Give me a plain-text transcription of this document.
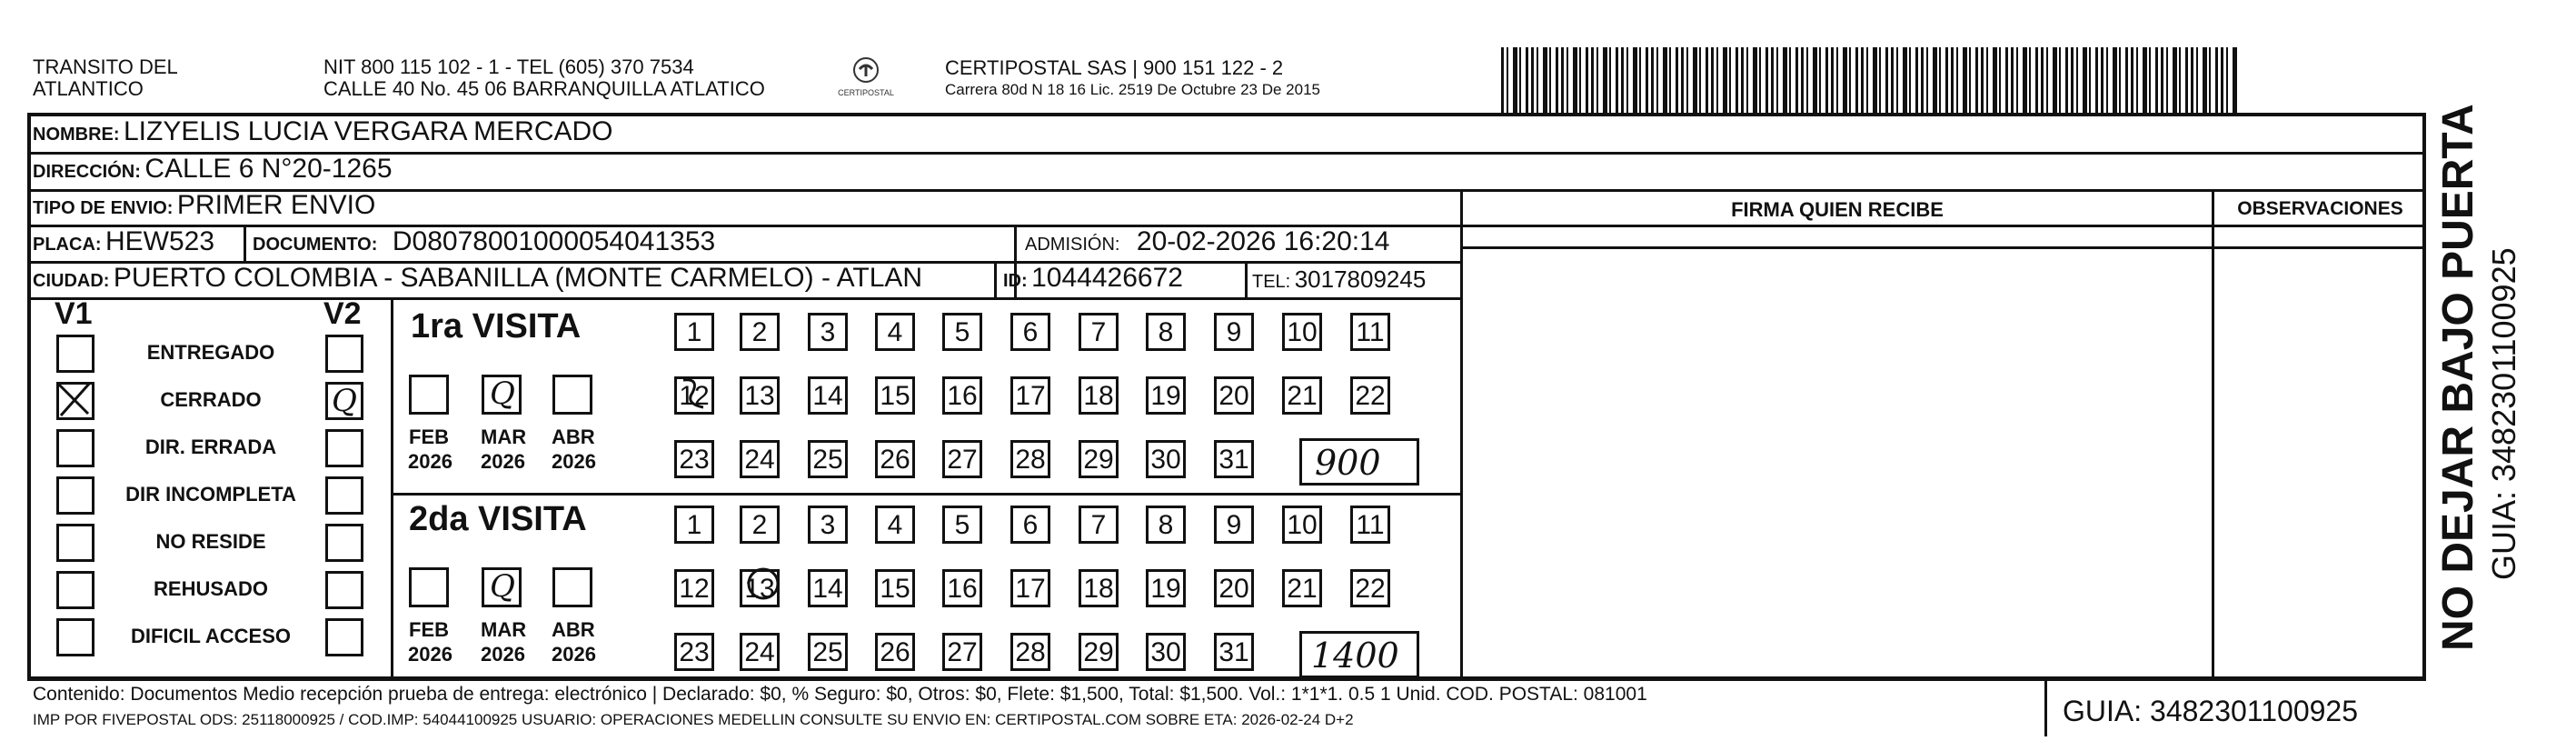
TRANSITO DEL
ATLANTICO
NIT 800 115 102 - 1 - TEL (605) 370 7534
CALLE 40 No. 45 06 BARRANQUILLA ATLATICO	CERTIPOSTAL
CERTIPOSTAL SAS | 900 151 122 - 2
Carrera 80d N 18 16 Lic. 2519 De Octubre 23 De 2015
NOMBRE: LIZYELIS LUCIA VERGARA MERCADO
DIRECCIÓN: CALLE 6 N°20-1265
TIPO DE ENVIO: PRIMER ENVIO
PLACA: HEW523 DOCUMENTO: D08078001000054041353	ADMISIÓN: 20-02-2026 16:20:14
CIUDAD: PUERTO COLOMBIA - SABANILLA (MONTE CARMELO) - ATLAN	ID: 1044426672	TEL: 3017809245
FIRMA QUIEN RECIBE	OBSERVACIONES
V1	V2
Q
ENTREGADO
CERRADO
DIR. ERRADA
DIR INCOMPLETA
NO RESIDE
REHUSADO
DIFICIL ACCESO
1ra VISITA
Q
FEB
2026
MAR
2026
ABR
2026
2da VISITA
Q
FEB
2026
MAR
2026
ABR
2026
1	2	3	4	5	6	7	8	9	10 11
12 13 14 15 16 17 18 19 20 21 22
23 24 25 26 27 28 29 30 31
1	2	3	4	5	6	7	8	9	10 11
12 13 14 15 16 17 18 19 20 21 22
23 24 25 26 27 28 29 30 31
900
1400
Contenido: Documentos Medio recepción prueba de entrega: electrónico | Declarado: $0, % Seguro: $0, Otros: $0, Flete: $1,500, Total: $1,500. Vol.: 1*1*1. 0.5 1 Unid. COD. POSTAL: 081001
IMP POR FIVEPOSTAL ODS: 25118000925 / COD.IMP: 54044100925 USUARIO: OPERACIONES MEDELLIN CONSULTE SU ENVIO EN: CERTIPOSTAL.COM SOBRE ETA: 2026-02-24 D+2	GUIA: 3482301100925
NO DEJAR BAJO PUERTA GUIA: 3482301100925
